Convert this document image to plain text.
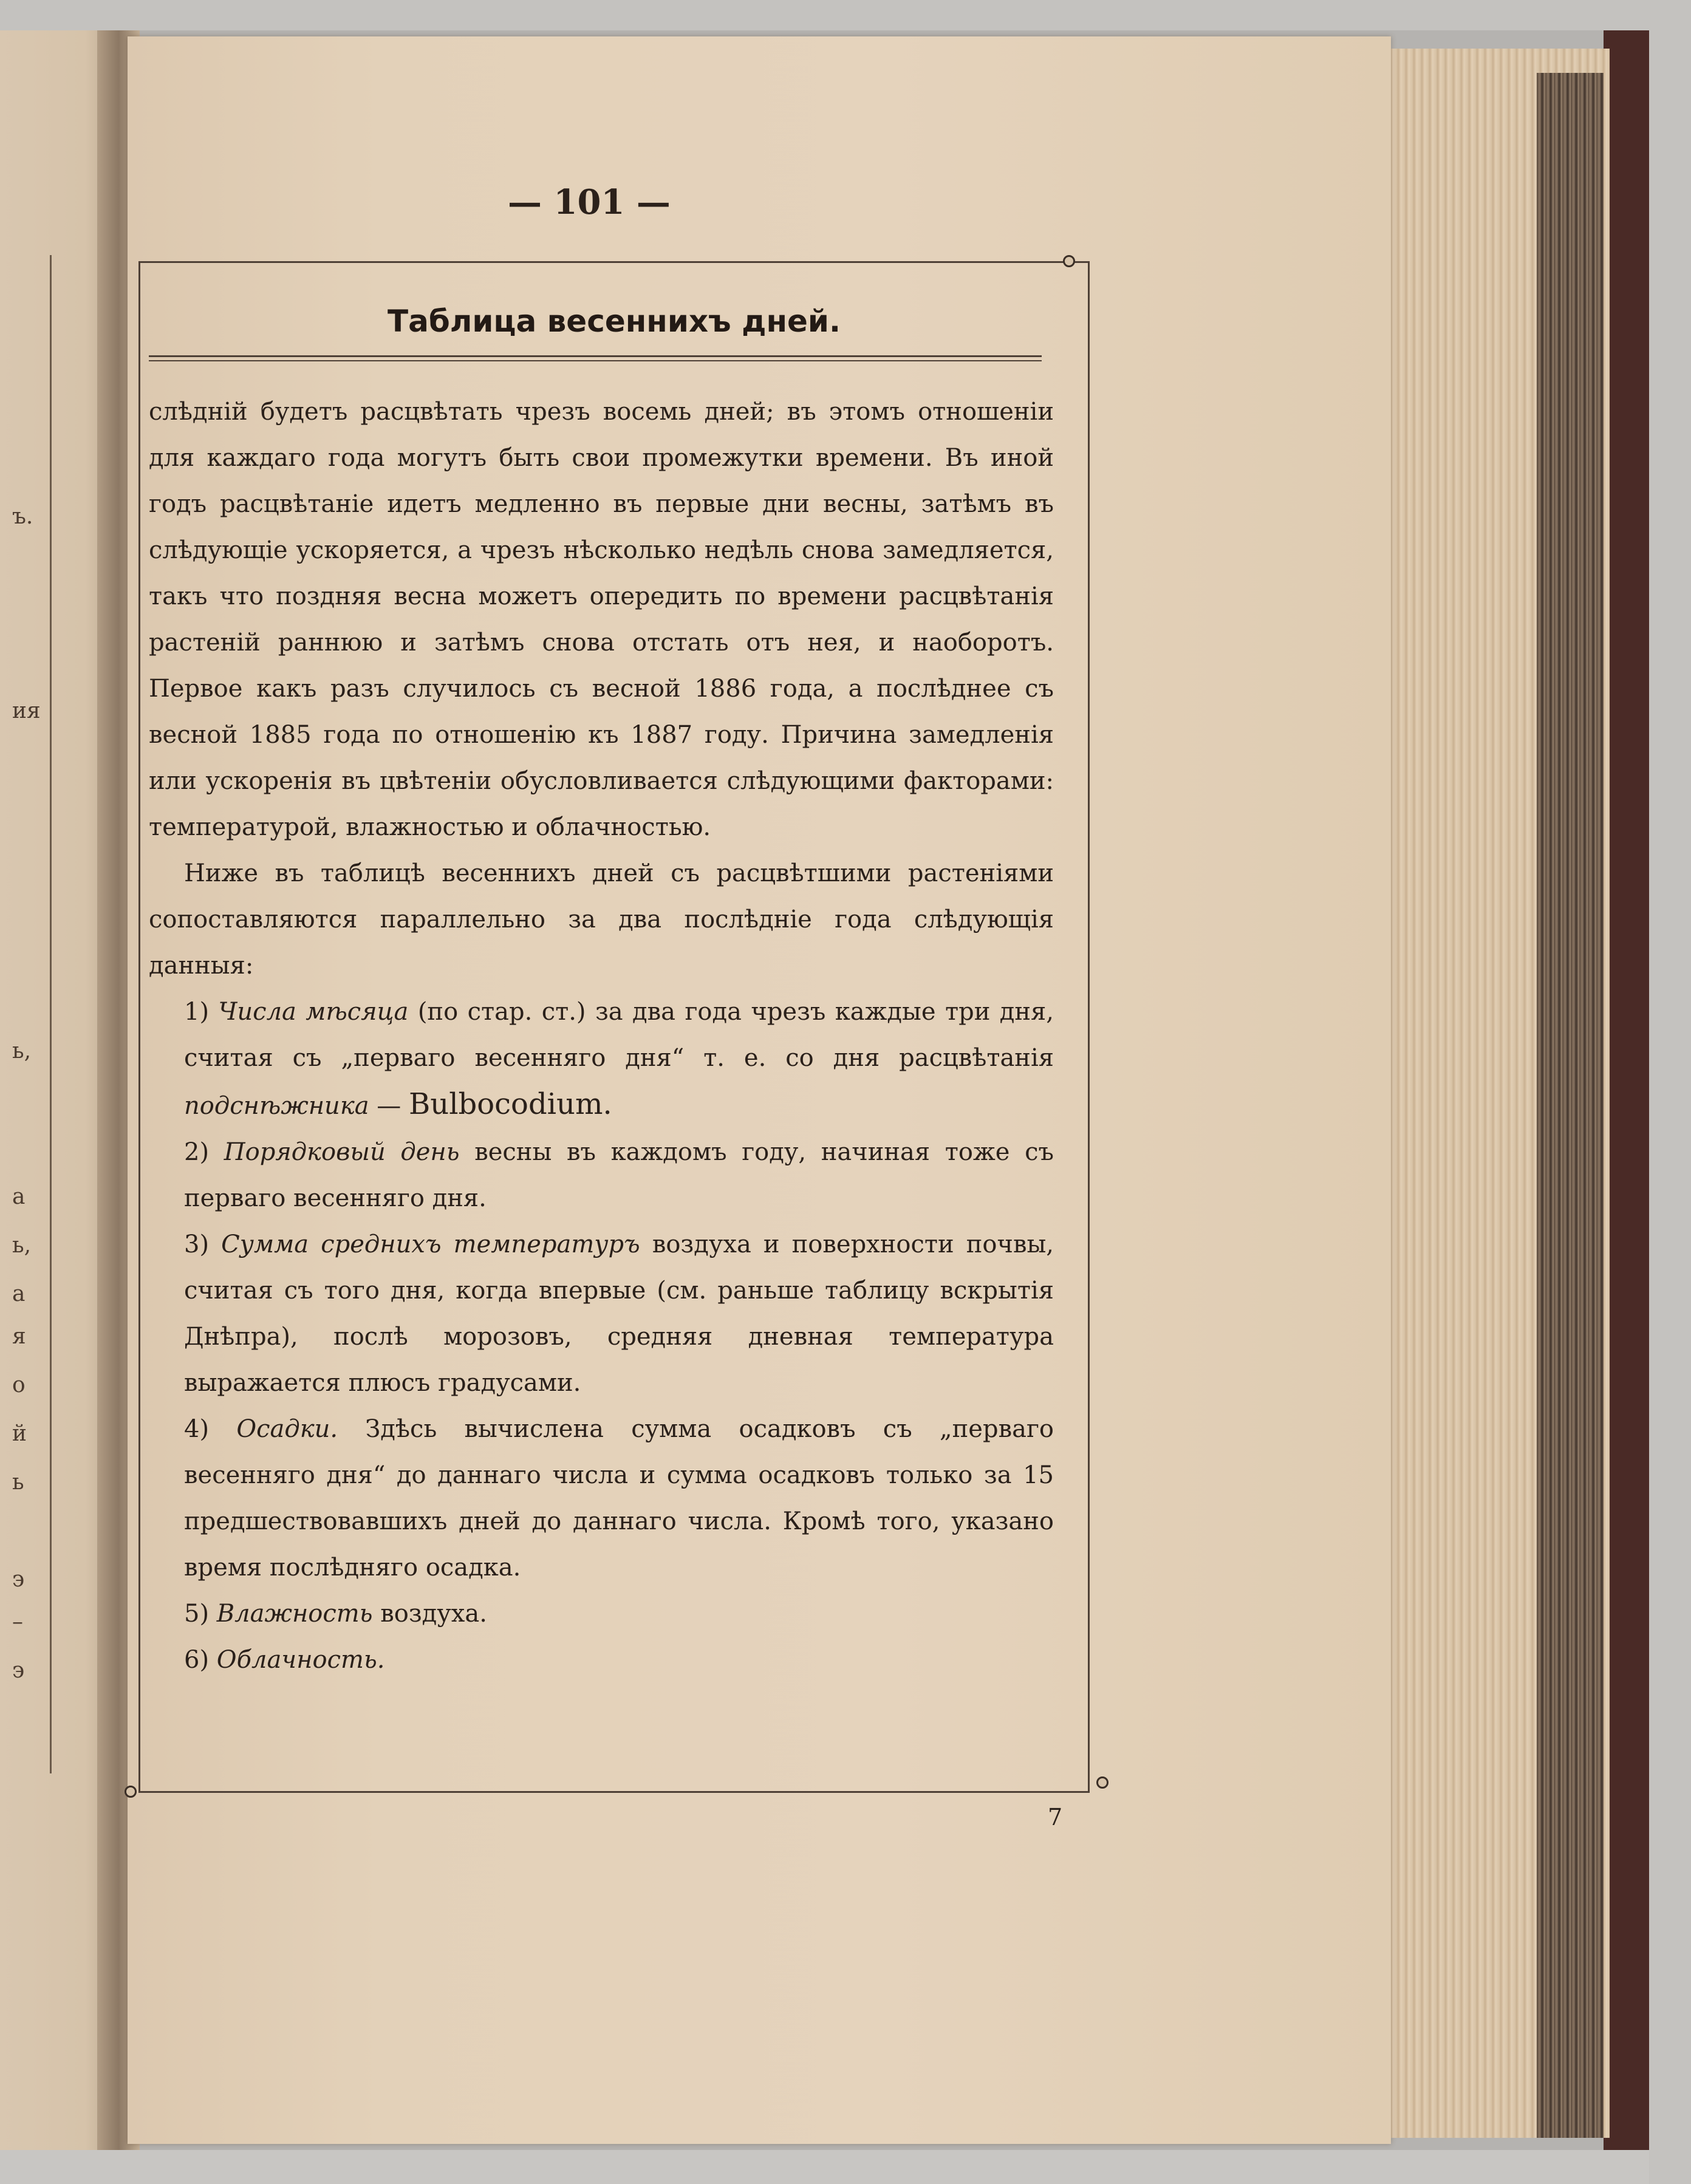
ъ.
ия
ь,
а
ь,
а
я
о
й
ь
э
–
э
— 101 —
Таблица весеннихъ дней.

слѣдній будетъ расцвѣтать чрезъ восемь дней; въ этомъ отношеніи для каждаго года могутъ быть свои промежутки времени. Въ иной годъ расцвѣтаніе идетъ медленно въ первые дни весны, затѣмъ въ слѣдующіе ускоряется, а чрезъ нѣсколько недѣль снова замедляется, такъ что поздняя весна можетъ опередить по времени расцвѣтанія растеній раннюю и затѣмъ снова отстать отъ нея, и наоборотъ. Первое какъ разъ случилось съ весной 1886 года, а послѣднее съ весной 1885 года по отношенію къ 1887 году. Причина замедленія или ускоренія въ цвѣтеніи обусловливается слѣдующими факторами: температурой, влажностью и облачностью.

Ниже въ таблицѣ весеннихъ дней съ расцвѣтшими растеніями сопоставляются параллельно за два послѣдніе года слѣдующія данныя:

1) Числа мѣсяца (по стар. ст.) за два года чрезъ каждые три дня, считая съ „перваго весенняго дня“ т. е. со дня расцвѣтанія подснѣжника — Bulbocodium.

2) Порядковый день весны въ каждомъ году, начиная тоже съ перваго весенняго дня.

3) Сумма среднихъ температуръ воздуха и поверхности почвы, считая съ того дня, когда впервые (см. раньше таблицу вскрытія Днѣпра), послѣ морозовъ, средняя дневная температура выражается плюсъ градусами.

4) Осадки. Здѣсь вычислена сумма осадковъ съ „перваго весенняго дня“ до даннаго числа и сумма осадковъ только за 15 предшествовавшихъ дней до даннаго числа. Кромѣ того, указано время послѣдняго осадка.

5) Влажность воздуха.

6) Облачность.

7
